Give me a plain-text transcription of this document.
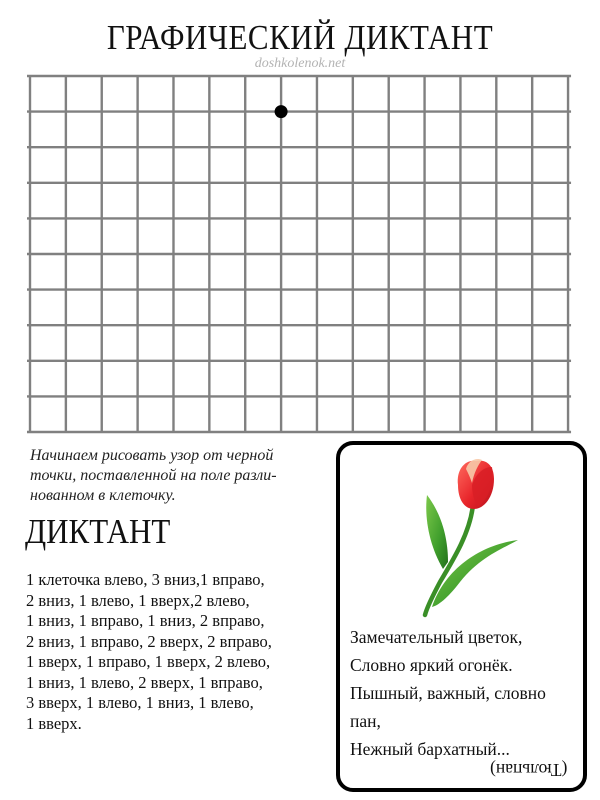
ГРАФИЧЕСКИЙ ДИКТАНТ
doshkolenok.net
Начинаем рисовать узор от черной
точки, поставленной на поле разли-
нованном в клеточку.
ДИКТАНТ
1 клеточка влево, 3 вниз,1 вправо,
2 вниз, 1 влево, 1 вверх,2 влево,
1 вниз, 1 вправо, 1 вниз, 2 вправо,
2 вниз, 1 вправо, 2 вверх, 2 вправо,
1 вверх, 1 вправо, 1 вверх, 2 влево,
1 вниз, 1 влево, 2 вверх, 1 вправо,
3 вверх, 1 влево, 1 вниз, 1 влево,
1 вверх.
Замечательный цветок,
Словно яркий огонёк.
Пышный, важный, словно
пан,
Нежный бархатный...
(Тюльпан)
